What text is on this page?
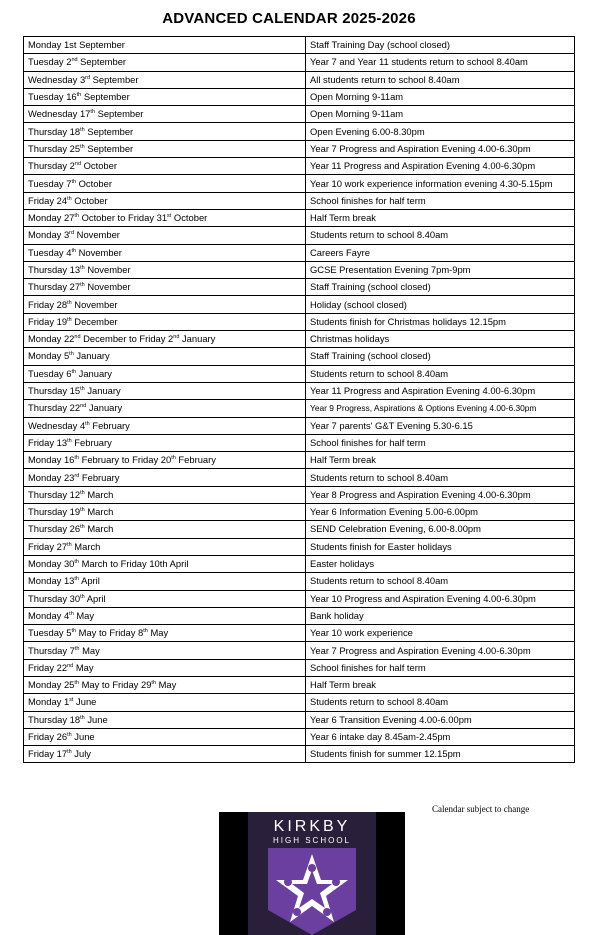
ADVANCED CALENDAR 2025-2026
Monday 1st September	Staff Training Day (school closed)
Tuesday 2nd September	Year 7 and Year 11 students return to school 8.40am
Wednesday 3rd September	All students return to school 8.40am
Tuesday 16th September	Open Morning 9-11am
Wednesday 17th September	Open Morning 9-11am
Thursday 18th September	Open Evening 6.00-8.30pm
Thursday 25th September	Year 7 Progress and Aspiration Evening 4.00-6.30pm
Thursday 2nd October	Year 11 Progress and Aspiration Evening 4.00-6.30pm
Tuesday 7th October	Year 10 work experience information evening 4.30-5.15pm
Friday 24th October	School finishes for half term
Monday 27th October to Friday 31st October	Half Term break
Monday 3rd November	Students return to school 8.40am
Tuesday 4th November	Careers Fayre
Thursday 13th November	GCSE Presentation Evening 7pm-9pm
Thursday 27th November	Staff Training (school closed)
Friday 28th November	Holiday (school closed)
Friday 19th December	Students finish for Christmas holidays 12.15pm
Monday 22nd December to Friday 2nd January	Christmas holidays
Monday 5th January	Staff Training (school closed)
Tuesday 6th January	Students return to school 8.40am
Thursday 15th January	Year 11 Progress and Aspiration Evening 4.00-6.30pm
Thursday 22nd January	Year 9 Progress, Aspirations & Options Evening 4.00-6.30pm
Wednesday 4th February	Year 7 parents' G&T Evening 5.30-6.15
Friday 13th February	School finishes for half term
Monday 16th February to Friday 20th February	Half Term break
Monday 23rd February	Students return to school 8.40am
Thursday 12th March	Year 8 Progress and Aspiration Evening 4.00-6.30pm
Thursday 19th March	Year 6 Information Evening 5.00-6.00pm
Thursday 26th March	SEND Celebration Evening, 6.00-8.00pm
Friday 27th March	Students finish for Easter holidays
Monday 30th March to Friday 10th April	Easter holidays
Monday 13th April	Students return to school 8.40am
Thursday 30th April	Year 10 Progress and Aspiration Evening 4.00-6.30pm
Monday 4th May	Bank holiday
Tuesday 5th May to Friday 8th May	Year 10 work experience
Thursday 7th May	Year 7 Progress and Aspiration Evening 4.00-6.30pm
Friday 22nd May	School finishes for half term
Monday 25th May to Friday 29th May	Half Term break
Monday 1st June	Students return to school 8.40am
Thursday 18th June	Year 6 Transition Evening 4.00-6.00pm
Friday 26th June	Year 6 intake day 8.45am-2.45pm
Friday 17th July	Students finish for summer 12.15pm
Calendar subject to change
KIRKBY
HIGH SCHOOL
